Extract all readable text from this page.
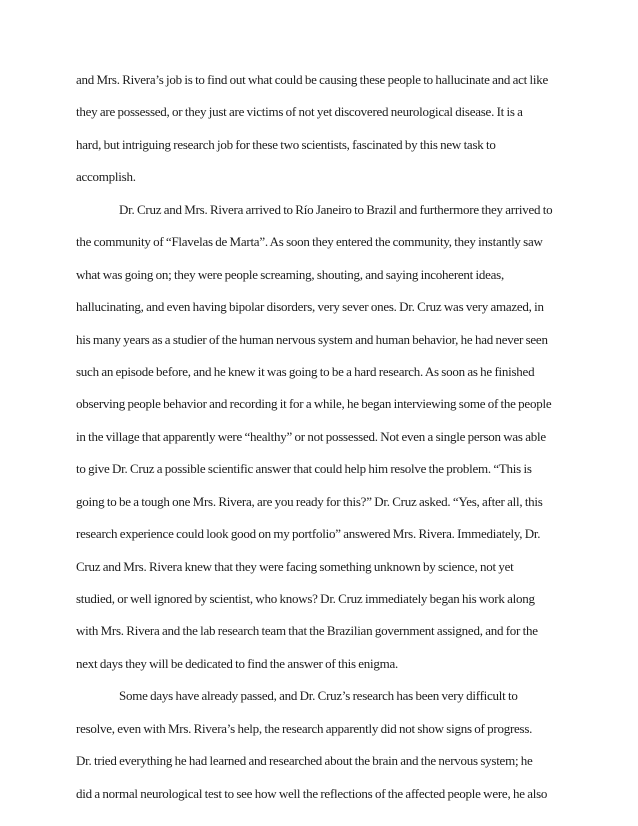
and Mrs. Rivera’s job is to find out what could be causing these people to hallucinate and act like
they are possessed, or they just are victims of not yet discovered neurological disease. It is a
hard, but intriguing research job for these two scientists, fascinated by this new task to
accomplish.
Dr. Cruz and Mrs. Rivera arrived to Río Janeiro to Brazil and furthermore they arrived to
the community of “Flavelas de Marta”. As soon they entered the community, they instantly saw
what was going on; they were people screaming, shouting, and saying incoherent ideas,
hallucinating, and even having bipolar disorders, very sever ones. Dr. Cruz was very amazed, in
his many years as a studier of the human nervous system and human behavior, he had never seen
such an episode before, and he knew it was going to be a hard research. As soon as he finished
observing people behavior and recording it for a while, he began interviewing some of the people
in the village that apparently were “healthy” or not possessed. Not even a single person was able
to give Dr. Cruz a possible scientific answer that could help him resolve the problem. “This is
going to be a tough one Mrs. Rivera, are you ready for this?” Dr. Cruz asked. “Yes, after all, this
research experience could look good on my portfolio” answered Mrs. Rivera. Immediately, Dr.
Cruz and Mrs. Rivera knew that they were facing something unknown by science, not yet
studied, or well ignored by scientist, who knows? Dr. Cruz immediately began his work along
with Mrs. Rivera and the lab research team that the Brazilian government assigned, and for the
next days they will be dedicated to find the answer of this enigma.
Some days have already passed, and Dr. Cruz’s research has been very difficult to
resolve, even with Mrs. Rivera’s help, the research apparently did not show signs of progress.
Dr. tried everything he had learned and researched about the brain and the nervous system; he
did a normal neurological test to see how well the reflections of the affected people were, he also
